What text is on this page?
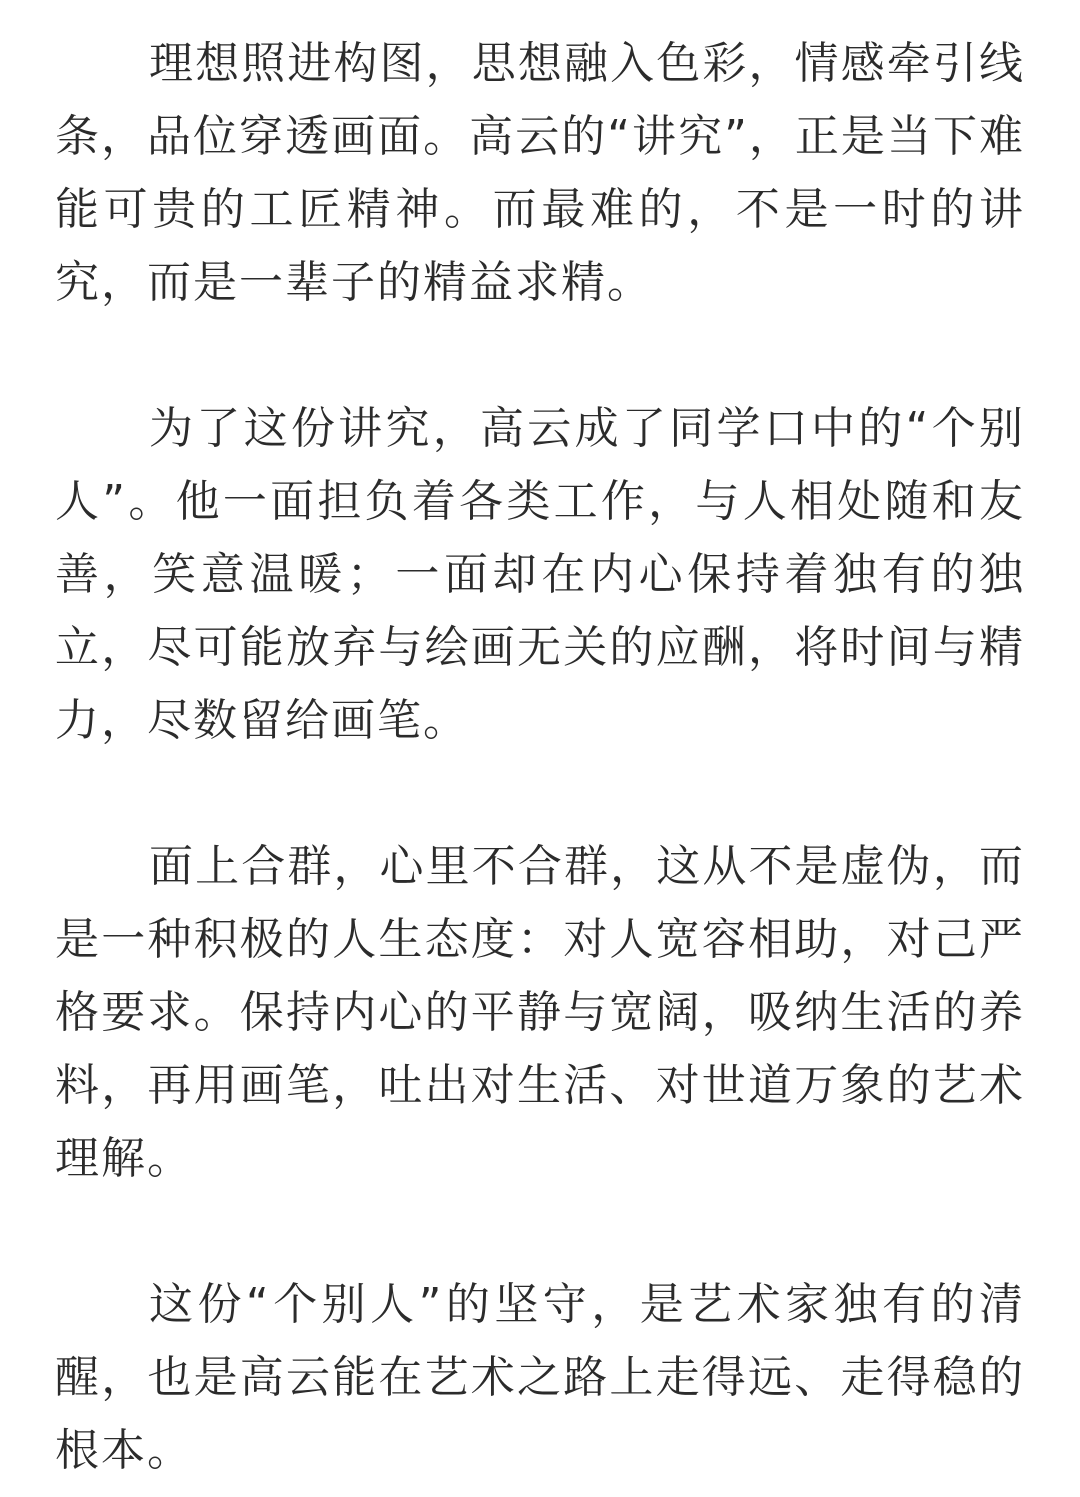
理想照进构图，思想融入色彩，情感牵引线条，品位穿透画面。高云的“讲究”，正是当下难能可贵的工匠精神。而最难的，不是一时的讲究，而是一辈子的精益求精。

为了这份讲究，高云成了同学口中的“个别人”。他一面担负着各类工作，与人相处随和友善，笑意温暖；一面却在内心保持着独有的独立，尽可能放弃与绘画无关的应酬，将时间与精力，尽数留给画笔。

面上合群，心里不合群，这从不是虚伪，而是一种积极的人生态度：对人宽容相助，对己严格要求。保持内心的平静与宽阔，吸纳生活的养料，再用画笔，吐出对生活、对世道万象的艺术理解。

这份“个别人”的坚守，是艺术家独有的清醒，也是高云能在艺术之路上走得远、走得稳的根本。
